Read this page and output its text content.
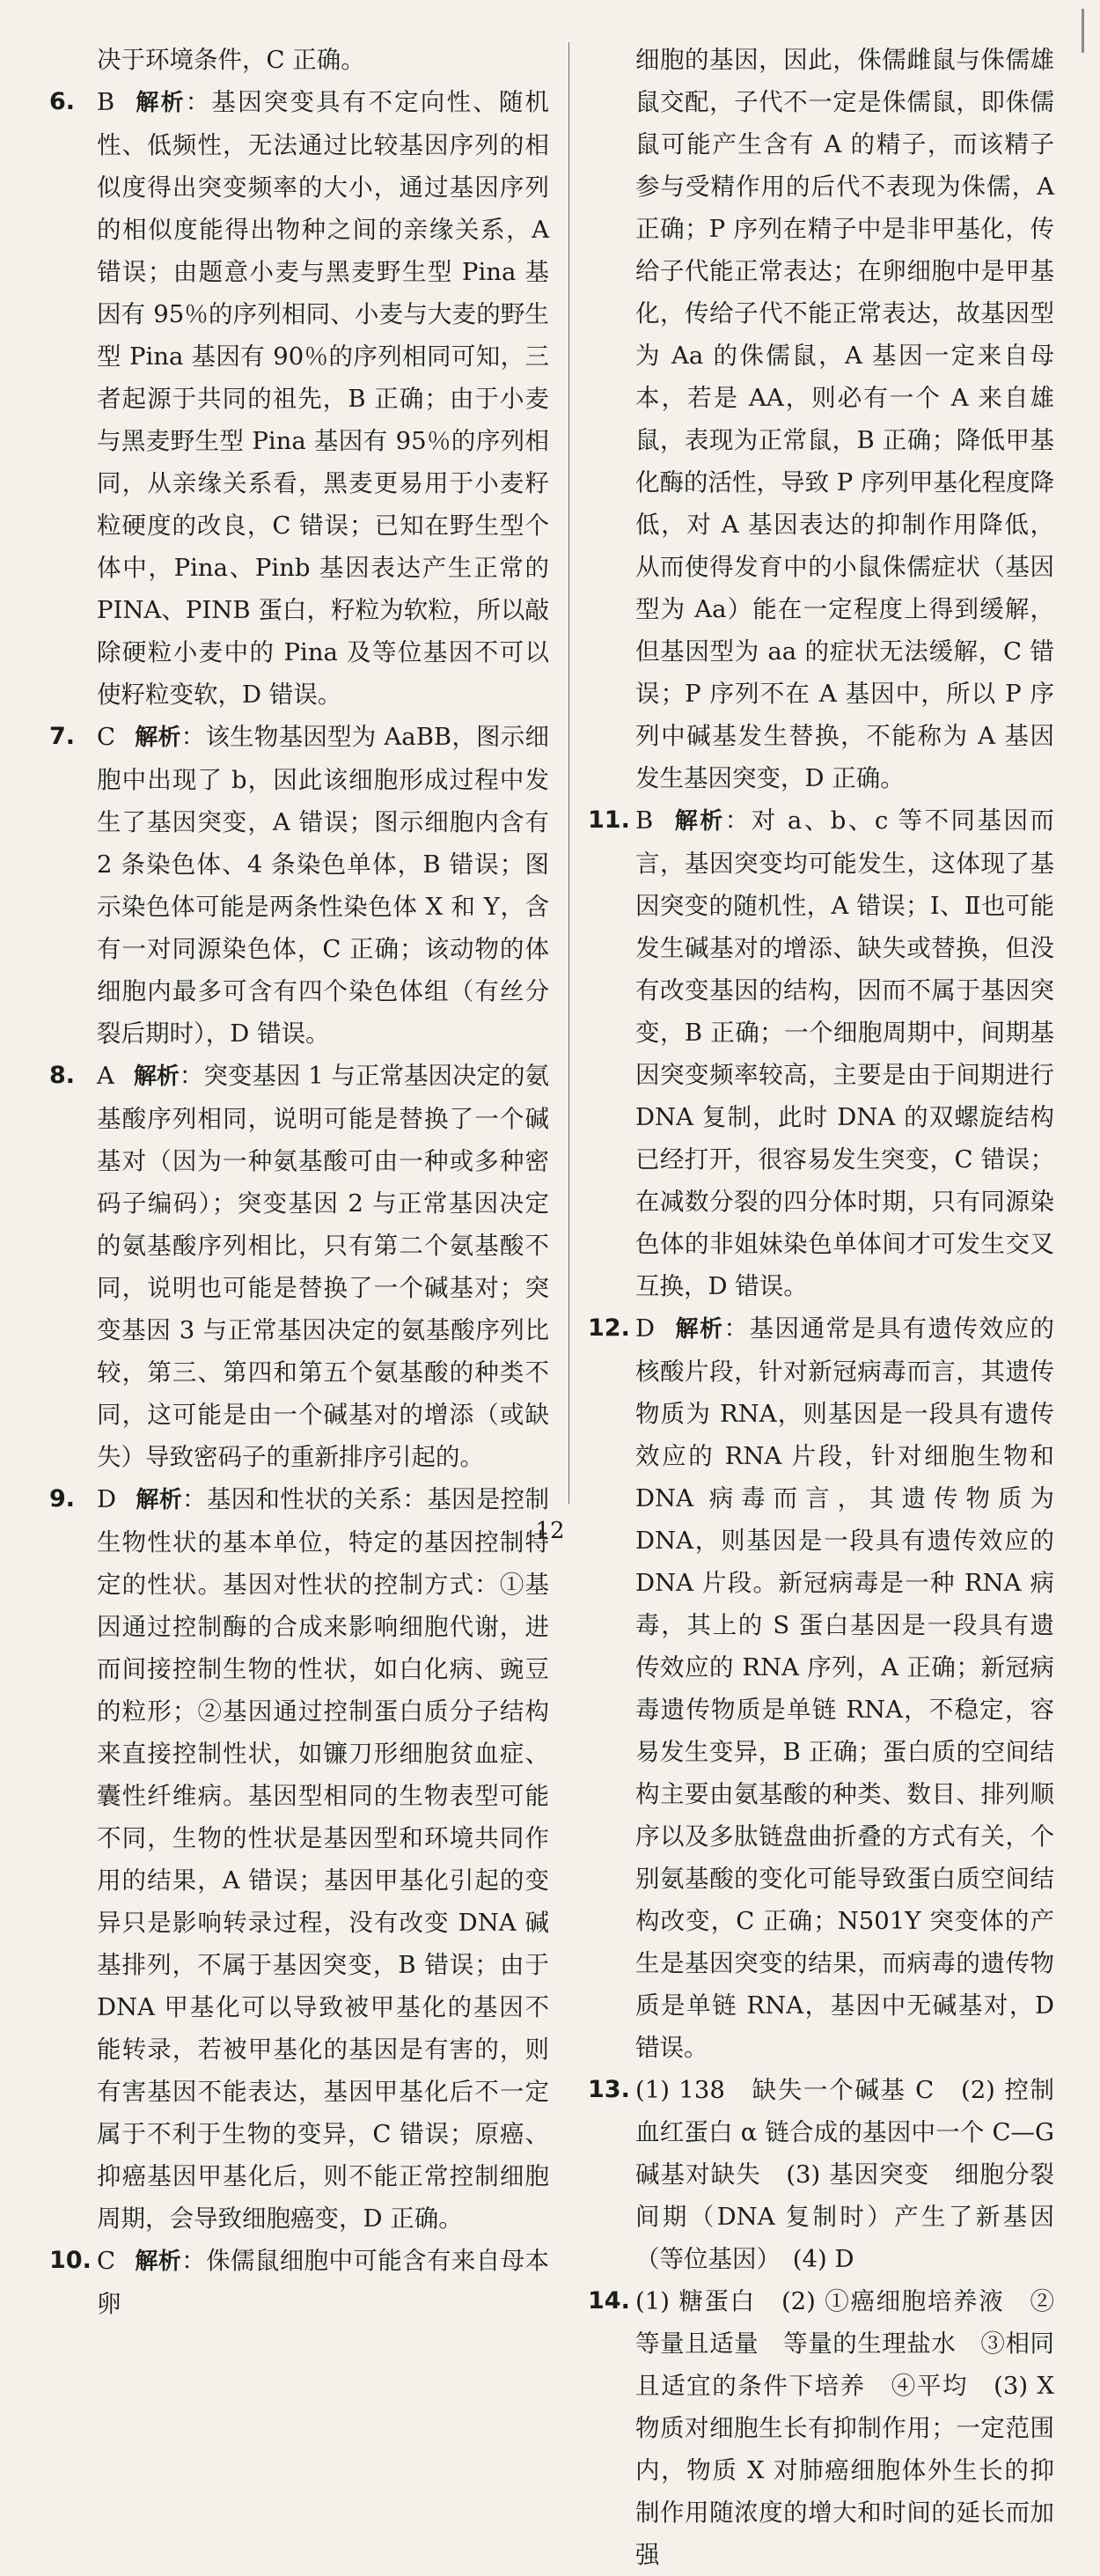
决于环境条件，C 正确。

6. B 解析：基因突变具有不定向性、随机性、低频性，无法通过比较基因序列的相似度得出突变频率的大小，通过基因序列的相似度能得出物种之间的亲缘关系，A 错误；由题意小麦与黑麦野生型 Pina 基因有 95％的序列相同、小麦与大麦的野生型 Pina 基因有 90％的序列相同可知，三者起源于共同的祖先，B 正确；由于小麦与黑麦野生型 Pina 基因有 95％的序列相同，从亲缘关系看，黑麦更易用于小麦籽粒硬度的改良，C 错误；已知在野生型个体中，Pina、Pinb 基因表达产生正常的 PINA、PINB 蛋白，籽粒为软粒，所以敲除硬粒小麦中的 Pina 及等位基因不可以使籽粒变软，D 错误。

7. C 解析：该生物基因型为 AaBB，图示细胞中出现了 b，因此该细胞形成过程中发生了基因突变，A 错误；图示细胞内含有 2 条染色体、4 条染色单体，B 错误；图示染色体可能是两条性染色体 X 和 Y，含有一对同源染色体，C 正确；该动物的体细胞内最多可含有四个染色体组（有丝分裂后期时），D 错误。

8. A 解析：突变基因 1 与正常基因决定的氨基酸序列相同，说明可能是替换了一个碱基对（因为一种氨基酸可由一种或多种密码子编码）；突变基因 2 与正常基因决定的氨基酸序列相比，只有第二个氨基酸不同，说明也可能是替换了一个碱基对；突变基因 3 与正常基因决定的氨基酸序列比较，第三、第四和第五个氨基酸的种类不同，这可能是由一个碱基对的增添（或缺失）导致密码子的重新排序引起的。

9. D 解析：基因和性状的关系：基因是控制生物性状的基本单位，特定的基因控制特定的性状。基因对性状的控制方式：①基因通过控制酶的合成来影响细胞代谢，进而间接控制生物的性状，如白化病、豌豆的粒形；②基因通过控制蛋白质分子结构来直接控制性状，如镰刀形细胞贫血症、囊性纤维病。基因型相同的生物表型可能不同，生物的性状是基因型和环境共同作用的结果，A 错误；基因甲基化引起的变异只是影响转录过程，没有改变 DNA 碱基排列，不属于基因突变，B 错误；由于 DNA 甲基化可以导致被甲基化的基因不能转录，若被甲基化的基因是有害的，则有害基因不能表达，基因甲基化后不一定属于不利于生物的变异，C 错误；原癌、抑癌基因甲基化后，则不能正常控制细胞周期，会导致细胞癌变，D 正确。

10. C 解析：侏儒鼠细胞中可能含有来自母本卵

细胞的基因，因此，侏儒雌鼠与侏儒雄鼠交配，子代不一定是侏儒鼠，即侏儒鼠可能产生含有 A 的精子，而该精子参与受精作用的后代不表现为侏儒，A 正确；P 序列在精子中是非甲基化，传给子代能正常表达；在卵细胞中是甲基化，传给子代不能正常表达，故基因型为 Aa 的侏儒鼠，A 基因一定来自母本，若是 AA，则必有一个 A 来自雄鼠，表现为正常鼠，B 正确；降低甲基化酶的活性，导致 P 序列甲基化程度降低，对 A 基因表达的抑制作用降低，从而使得发育中的小鼠侏儒症状（基因型为 Aa）能在一定程度上得到缓解，但基因型为 aa 的症状无法缓解，C 错误；P 序列不在 A 基因中，所以 P 序列中碱基发生替换，不能称为 A 基因发生基因突变，D 正确。

11. B 解析：对 a、b、c 等不同基因而言，基因突变均可能发生，这体现了基因突变的随机性，A 错误；Ⅰ、Ⅱ也可能发生碱基对的增添、缺失或替换，但没有改变基因的结构，因而不属于基因突变，B 正确；一个细胞周期中，间期基因突变频率较高，主要是由于间期进行 DNA 复制，此时 DNA 的双螺旋结构已经打开，很容易发生突变，C 错误；在减数分裂的四分体时期，只有同源染色体的非姐妹染色单体间才可发生交叉互换，D 错误。

12. D 解析：基因通常是具有遗传效应的核酸片段，针对新冠病毒而言，其遗传物质为 RNA，则基因是一段具有遗传效应的 RNA 片段，针对细胞生物和 DNA 病毒而言，其遗传物质为 DNA，则基因是一段具有遗传效应的 DNA 片段。新冠病毒是一种 RNA 病毒，其上的 S 蛋白基因是一段具有遗传效应的 RNA 序列，A 正确；新冠病毒遗传物质是单链 RNA，不稳定，容易发生变异，B 正确；蛋白质的空间结构主要由氨基酸的种类、数目、排列顺序以及多肽链盘曲折叠的方式有关，个别氨基酸的变化可能导致蛋白质空间结构改变，C 正确；N501Y 突变体的产生是基因突变的结果，而病毒的遗传物质是单链 RNA，基因中无碱基对，D 错误。

13. (1) 138　缺失一个碱基 C　(2) 控制血红蛋白 α 链合成的基因中一个 C—G 碱基对缺失　(3) 基因突变　细胞分裂间期（DNA 复制时）产生了新基因（等位基因）　(4) D

14. (1) 糖蛋白　(2) ①癌细胞培养液　②等量且适量　等量的生理盐水　③相同且适宜的条件下培养　④平均　(3) X 物质对细胞生长有抑制作用；一定范围内，物质 X 对肺癌细胞体外生长的抑制作用随浓度的增大和时间的延长而加强

12
